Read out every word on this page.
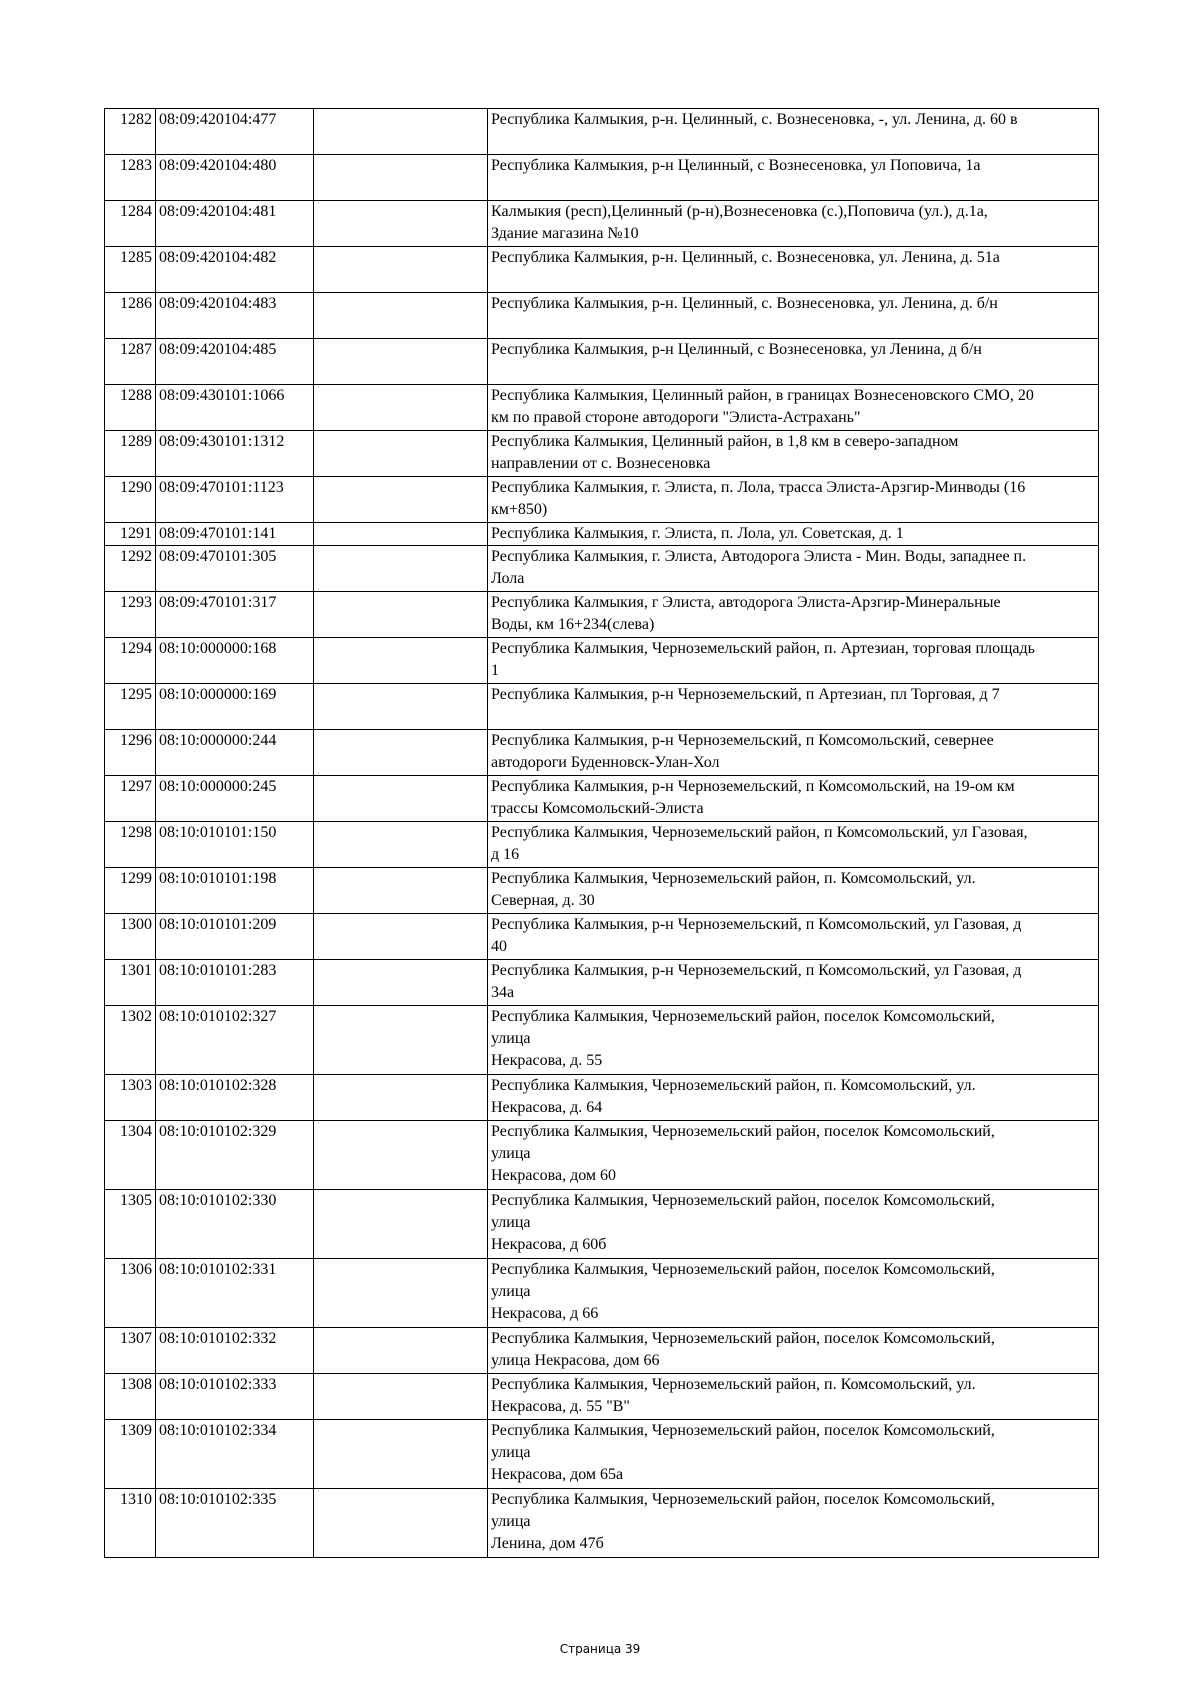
1282	08:09:420104:477		Республика Калмыкия, р-н. Целинный, с. Вознесеновка, -, ул. Ленина, д. 60 в
1283	08:09:420104:480		Республика Калмыкия, р-н Целинный, с Вознесеновка, ул Поповича, 1а
1284	08:09:420104:481		Калмыкия (респ),Целинный (р-н),Вознесеновка (с.),Поповича (ул.), д.1а,
Здание магазина №10
1285	08:09:420104:482		Республика Калмыкия, р-н. Целинный, с. Вознесеновка, ул. Ленина, д. 51а
1286	08:09:420104:483		Республика Калмыкия, р-н. Целинный, с. Вознесеновка, ул. Ленина, д. б/н
1287	08:09:420104:485		Республика Калмыкия, р-н Целинный, с Вознесеновка, ул Ленина, д б/н
1288	08:09:430101:1066		Республика Калмыкия, Целинный район, в границах Вознесеновского СМО, 20
км по правой стороне автодороги "Элиста-Астрахань"
1289	08:09:430101:1312		Республика Калмыкия, Целинный район, в 1,8 км в северо-западном
направлении от с. Вознесеновка
1290	08:09:470101:1123		Республика Калмыкия, г. Элиста, п. Лола, трасса Элиста-Арзгир-Минводы (16
км+850)
1291	08:09:470101:141		Республика Калмыкия, г. Элиста, п. Лола, ул. Советская, д. 1
1292	08:09:470101:305		Республика Калмыкия, г. Элиста, Автодорога Элиста - Мин. Воды, западнее п.
Лола
1293	08:09:470101:317		Республика Калмыкия, г Элиста, автодорога Элиста-Арзгир-Минеральные
Воды, км 16+234(слева)
1294	08:10:000000:168		Республика Калмыкия, Черноземельский район, п. Артезиан, торговая площадь
1
1295	08:10:000000:169		Республика Калмыкия, р-н Черноземельский, п Артезиан, пл Торговая, д 7
1296	08:10:000000:244		Республика Калмыкия, р-н Черноземельский, п Комсомольский, севернее
автодороги Буденновск-Улан-Хол
1297	08:10:000000:245		Республика Калмыкия, р-н Черноземельский, п Комсомольский, на 19-ом км
трассы Комсомольский-Элиста
1298	08:10:010101:150		Республика Калмыкия, Черноземельский район, п Комсомольский, ул Газовая,
д 16
1299	08:10:010101:198		Республика Калмыкия, Черноземельский район, п. Комсомольский, ул.
Северная, д. 30
1300	08:10:010101:209		Республика Калмыкия, р-н Черноземельский, п Комсомольский, ул Газовая, д
40
1301	08:10:010101:283		Республика Калмыкия, р-н Черноземельский, п Комсомольский, ул Газовая, д
34а
1302	08:10:010102:327		Республика Калмыкия, Черноземельский район, поселок Комсомольский,
улица
Некрасова, д. 55
1303	08:10:010102:328		Республика Калмыкия, Черноземельский район, п. Комсомольский, ул.
Некрасова, д. 64
1304	08:10:010102:329		Республика Калмыкия, Черноземельский район, поселок Комсомольский,
улица
Некрасова, дом 60
1305	08:10:010102:330		Республика Калмыкия, Черноземельский район, поселок Комсомольский,
улица
Некрасова, д 60б
1306	08:10:010102:331		Республика Калмыкия, Черноземельский район, поселок Комсомольский,
улица
Некрасова, д 66
1307	08:10:010102:332		Республика Калмыкия, Черноземельский район, поселок Комсомольский,
улица Некрасова, дом 66
1308	08:10:010102:333		Республика Калмыкия, Черноземельский район, п. Комсомольский, ул.
Некрасова, д. 55 "В"
1309	08:10:010102:334		Республика Калмыкия, Черноземельский район, поселок Комсомольский,
улица
Некрасова, дом 65а
1310	08:10:010102:335		Республика Калмыкия, Черноземельский район, поселок Комсомольский,
улица
Ленина, дом 47б
Страница 39
